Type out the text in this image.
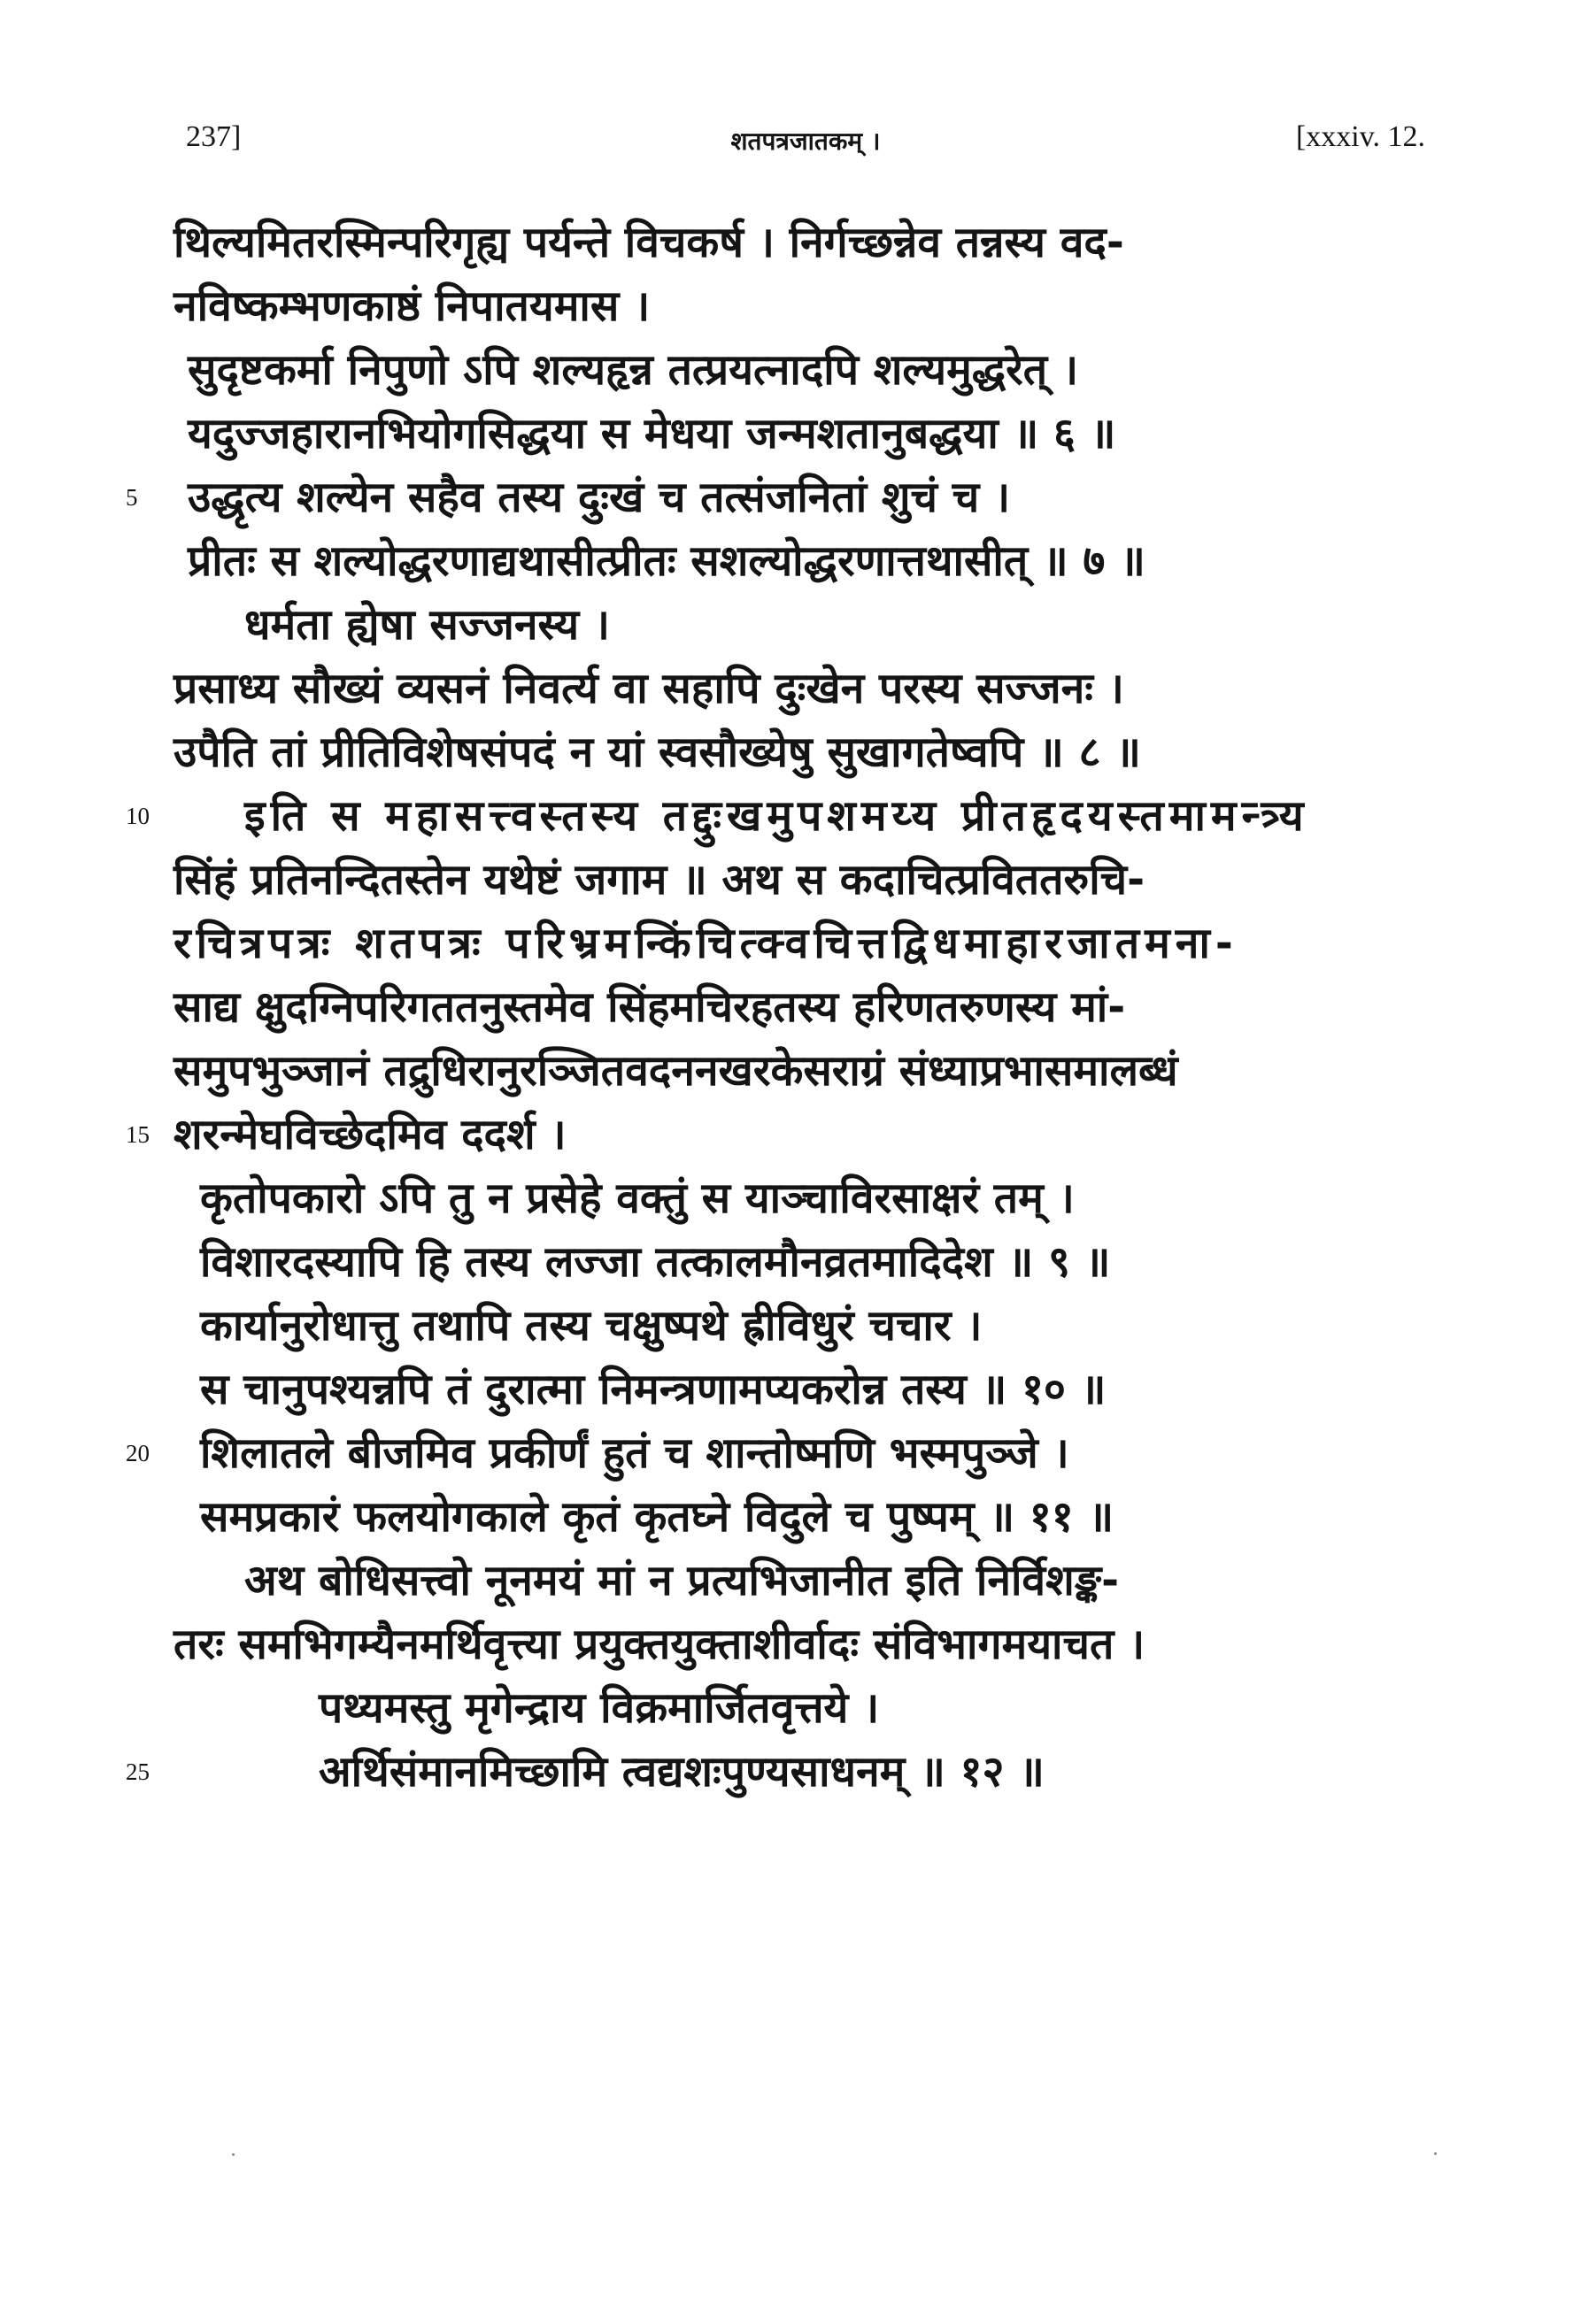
237]	शतपत्रजातकम् ।	[xxxiv. 12.
थिल्यमितरस्मिन्परिगृह्य पर्यन्ते विचकर्ष । निर्गच्छन्नेव तन्नस्य वद-
नविष्कम्भणकाष्ठं निपातयमास ।
सुदृष्टकर्मा निपुणो ऽपि शल्यहृन्न तत्प्रयत्नादपि शल्यमुद्धरेत् ।
यदुज्जहारानभियोगसिद्धया स मेधया जन्मशतानुबद्धया ॥ ६ ॥
5 उद्धृत्य शल्येन सहैव तस्य दुःखं च तत्संजनितां शुचं च ।
प्रीतः स शल्योद्धरणाद्यथासीत्प्रीतः सशल्योद्धरणात्तथासीत् ॥ ७ ॥
धर्मता ह्येषा सज्जनस्य ।
प्रसाध्य सौख्यं व्यसनं निवर्त्य वा सहापि दुःखेन परस्य सज्जनः ।
उपैति तां प्रीतिविशेषसंपदं न यां स्वसौख्येषु सुखागतेष्वपि ॥ ८ ॥
10 इति स महासत्त्वस्तस्य तद्दुःखमुपशमय्य प्रीतहृदयस्तमामन्त्र्य
सिंहं प्रतिनन्दितस्तेन यथेष्टं जगाम ॥ अथ स कदाचित्प्रविततरुचि-
रचित्रपत्रः शतपत्रः परिभ्रमन्किंचित्क्वचित्तद्विधमाहारजातमना-
साद्य क्षुदग्निपरिगततनुस्तमेव सिंहमचिरहतस्य हरिणतरुणस्य मां-
समुपभुञ्जानं तद्रुधिरानुरञ्जितवदननखरकेसराग्रं संध्याप्रभासमालब्धं
15 शरन्मेघविच्छेदमिव ददर्श ।
कृतोपकारो ऽपि तु न प्रसेहे वक्तुं स याञ्चाविरसाक्षरं तम् ।
विशारदस्यापि हि तस्य लज्जा तत्कालमौनव्रतमादिदेश ॥ ९ ॥
कार्यानुरोधात्तु तथापि तस्य चक्षुष्पथे ह्रीविधुरं चचार ।
स चानुपश्यन्नपि तं दुरात्मा निमन्त्रणामप्यकरोन्न तस्य ॥ १० ॥
20 शिलातले बीजमिव प्रकीर्णं हुतं च शान्तोष्मणि भस्मपुञ्जे ।
समप्रकारं फलयोगकाले कृतं कृतघ्ने विदुले च पुष्पम् ॥ ११ ॥
अथ बोधिसत्त्वो नूनमयं मां न प्रत्यभिजानीत इति निर्विशङ्क-
तरः समभिगम्यैनमर्थिवृत्त्या प्रयुक्तयुक्ताशीर्वादः संविभागमयाचत ।
पथ्यमस्तु मृगेन्द्राय विक्रमार्जितवृत्तये ।
25	अर्थिसंमानमिच्छामि त्वद्यशःपुण्यसाधनम् ॥ १२ ॥
